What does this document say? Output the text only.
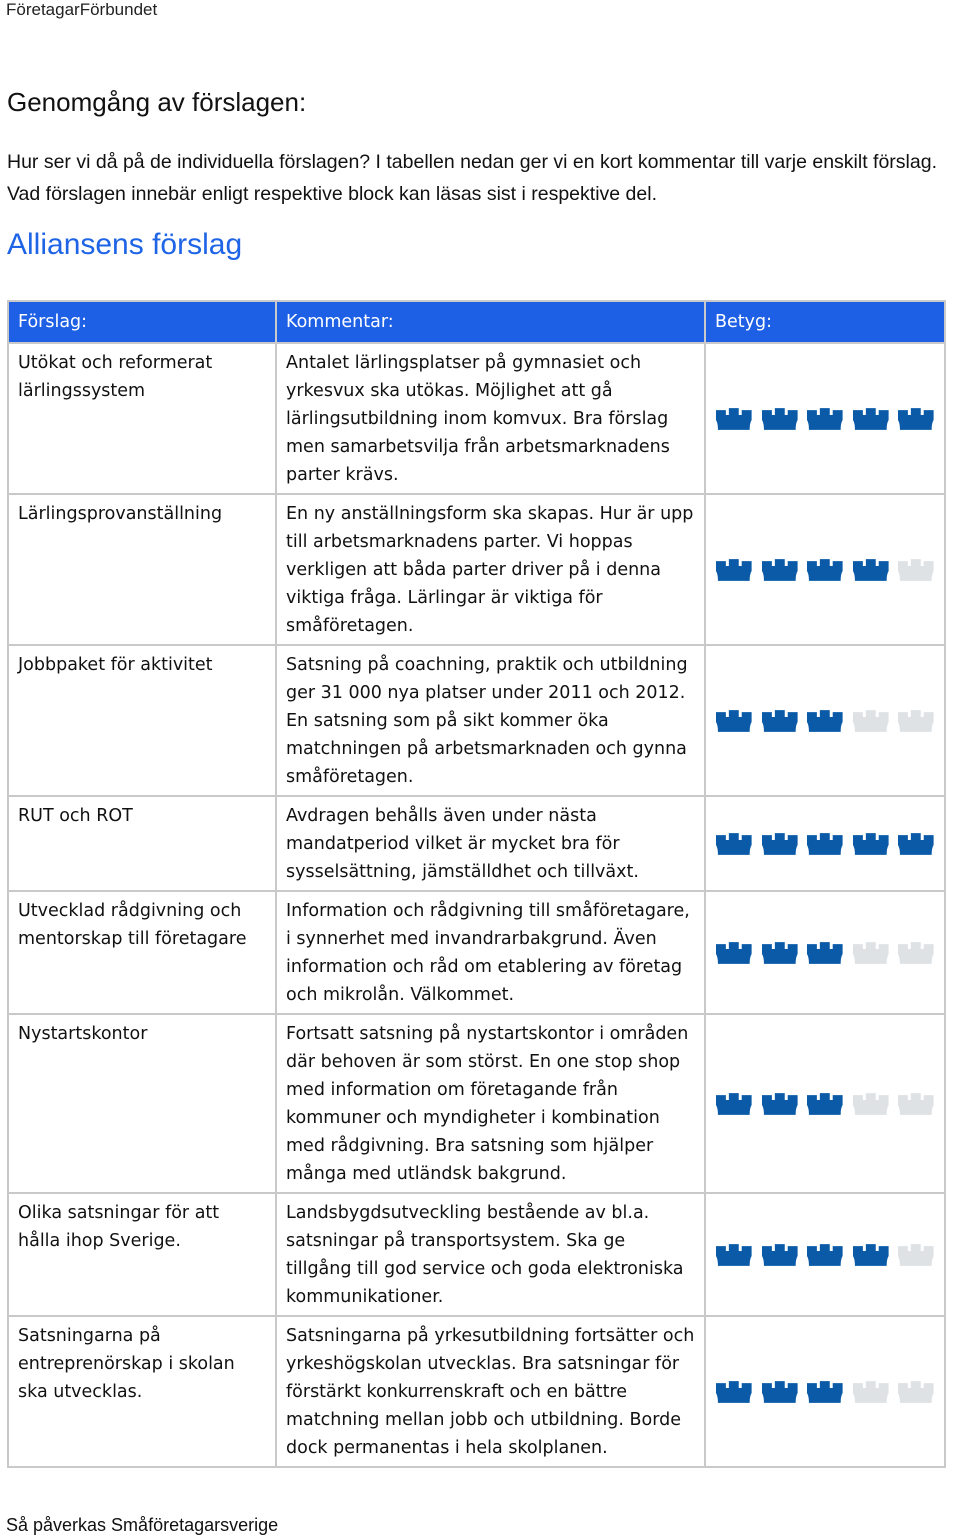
FöretagarFörbundet
Genomgång av förslagen:

Hur ser vi då på de individuella förslagen? I tabellen nedan ger vi en kort kommentar till varje enskilt förslag. Vad förslagen innebär enligt respektive block kan läsas sist i respektive del.

Alliansens förslag
Förslag:	Kommentar:	Betyg:
Utökat och reformerat lärlingssystem	Antalet lärlingsplatser på gymnasiet och yrkesvux ska utökas. Möjlighet att gå lärlingsutbildning inom komvux. Bra förslag men samarbetsvilja från arbetsmarknadens parter krävs.	

Lärlingsprovanställning	En ny anställningsform ska skapas. Hur är upp till arbetsmarknadens parter. Vi hoppas verkligen att båda parter driver på i denna viktiga fråga. Lärlingar är viktiga för småföretagen.	

Jobbpaket för aktivitet	Satsning på coachning, praktik och utbildning ger 31 000 nya platser under 2011 och 2012. En satsning som på sikt kommer öka matchningen på arbetsmarknaden och gynna småföretagen.	

RUT och ROT	Avdragen behålls även under nästa mandatperiod vilket är mycket bra för sysselsättning, jämställdhet och tillväxt.	

Utvecklad rådgivning och mentorskap till företagare	Information och rådgivning till småföretagare, i synnerhet med invandrarbakgrund. Även information och råd om etablering av företag och mikrolån. Välkommet.	

Nystartskontor	Fortsatt satsning på nystartskontor i områden där behoven är som störst. En one stop shop med information om företagande från kommuner och myndigheter i kombination med rådgivning. Bra satsning som hjälper många med utländsk bakgrund.	

Olika satsningar för att hålla ihop Sverige.	Landsbygdsutveckling bestående av bl.a. satsningar på transportsystem. Ska ge tillgång till god service och goda elektroniska kommunikationer.	

Satsningarna på entreprenörskap i skolan ska utvecklas.	Satsningarna på yrkesutbildning fortsätter och yrkeshögskolan utvecklas. Bra satsningar för förstärkt konkurrenskraft och en bättre matchning mellan jobb och utbildning. Borde dock permanentas i hela skolplanen.	
Så påverkas Småföretagarsverige
